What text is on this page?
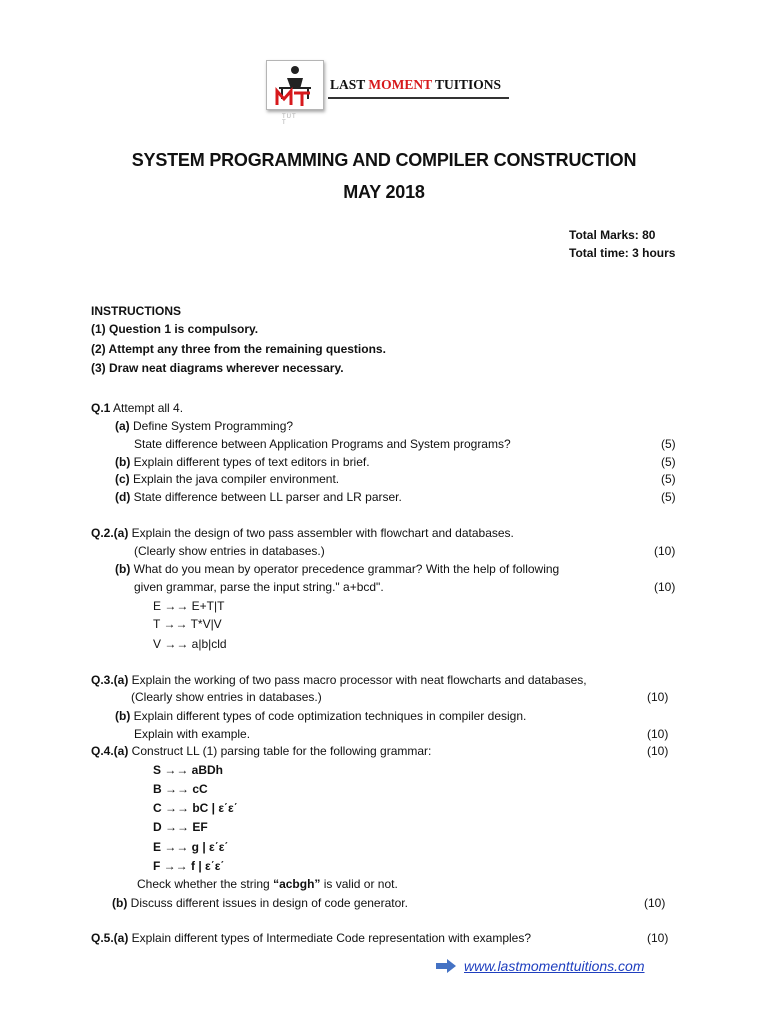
TUT T
LAST MOMENT TUITIONS
SYSTEM PROGRAMMING AND COMPILER CONSTRUCTION
MAY 2018
Total Marks: 80
Total time: 3 hours
INSTRUCTIONS
(1) Question 1 is compulsory.
(2) Attempt any three from the remaining questions.
(3) Draw neat diagrams wherever necessary.
Q.1 Attempt all 4.
(a) Define System Programming?
State difference between Application Programs and System programs?	(5)
(b) Explain different types of text editors in brief.	(5)
(c) Explain the java compiler environment.	(5)
(d) State difference between LL parser and LR parser.	(5)
Q.2.(a) Explain the design of two pass assembler with flowchart and databases.
(Clearly show entries in databases.)	(10)
(b) What do you mean by operator precedence grammar? With the help of following
given grammar, parse the input string." a+bcd".	(10)
E →→ E+T|T
T →→ T*V|V
V →→ a|b|cld
Q.3.(a) Explain the working of two pass macro processor with neat flowcharts and databases,
(Clearly show entries in databases.)	(10)
(b) Explain different types of code optimization techniques in compiler design.
Explain with example.	(10)
Q.4.(a) Construct LL (1) parsing table for the following grammar:	(10)
S →→ aBDh
B →→ cC
C →→ bC | ε΄ε΄
D →→ EF
E →→ g | ε΄ε΄
F →→ f | ε΄ε΄
Check whether the string “acbgh” is valid or not.
(b) Discuss different issues in design of code generator.	(10)
Q.5.(a) Explain different types of Intermediate Code representation with examples?	(10)
www.lastmomenttuitions.com
